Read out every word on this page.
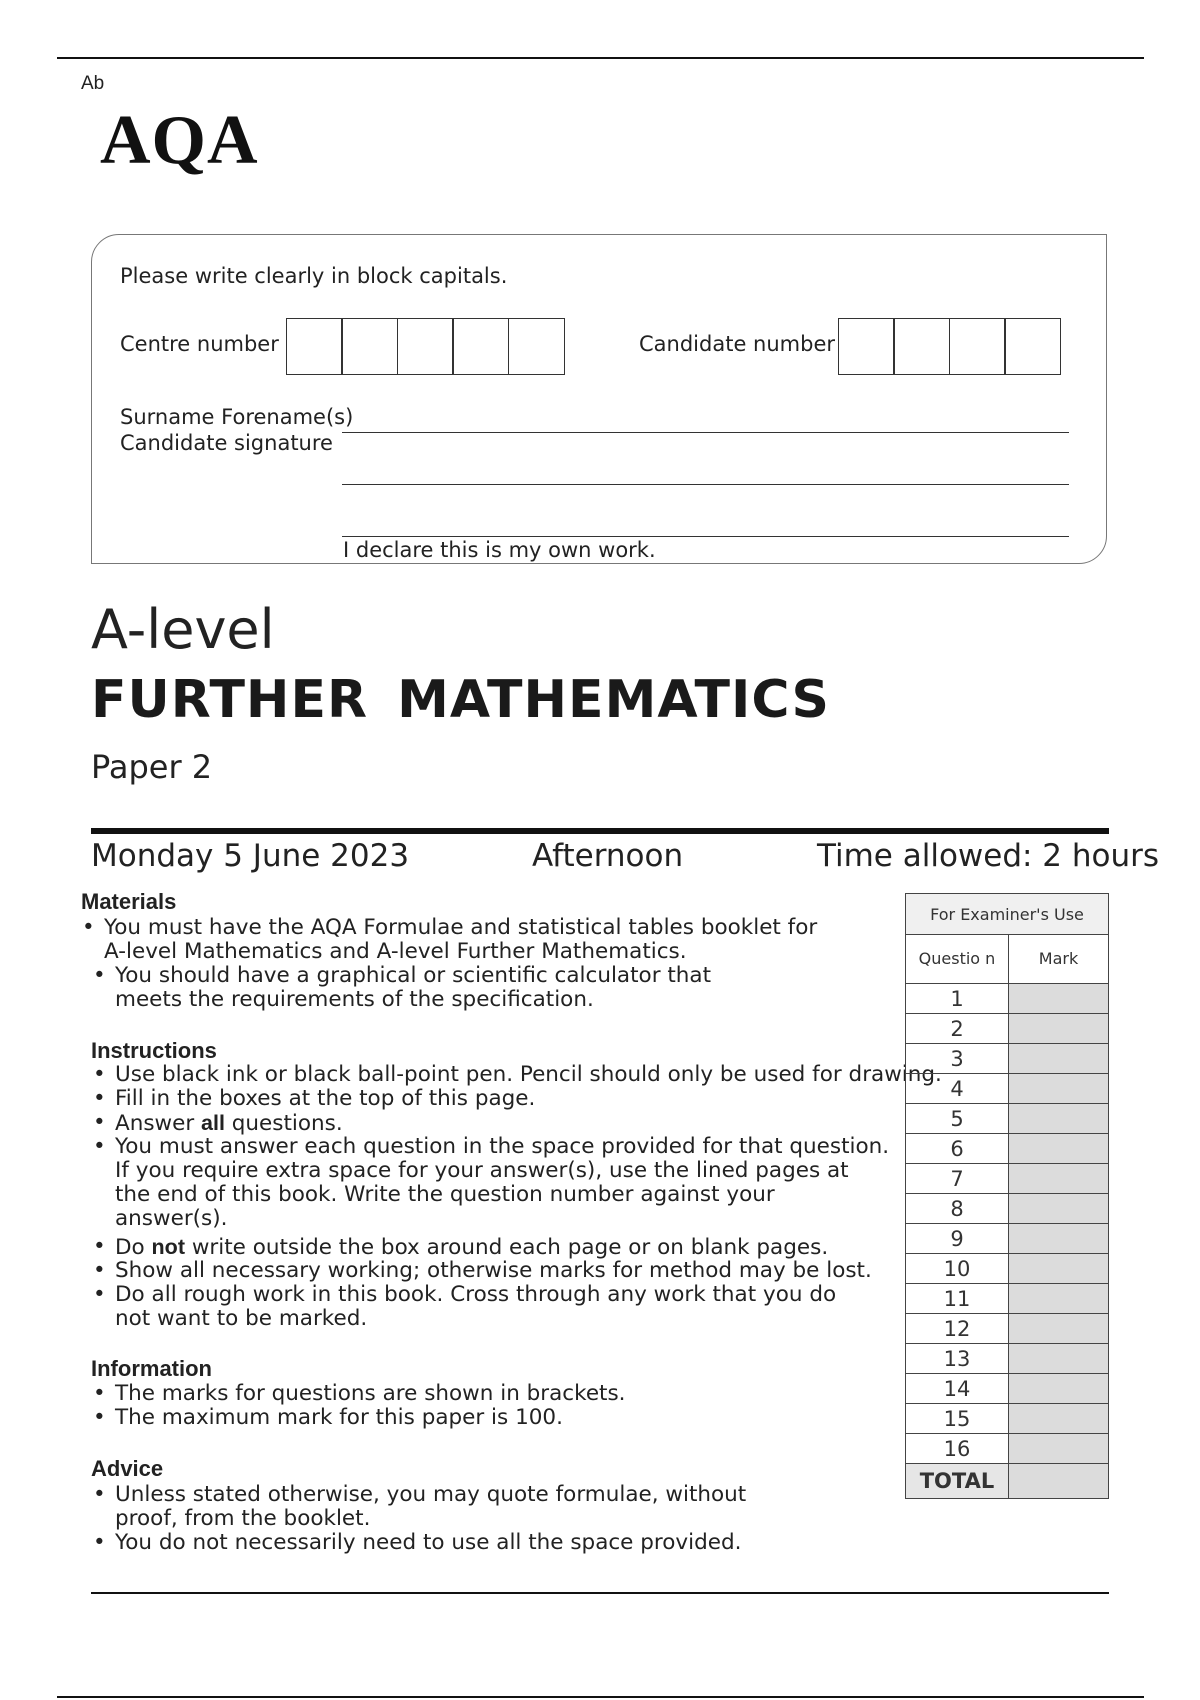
Ab
AQA
Please write clearly in block capitals.
Centre number	Candidate number
Surname Forename(s)
Candidate signature
I declare this is my own work.
A-level
FURTHER MATHEMATICS
Paper 2
Monday 5 June 2023	Afternoon	Time allowed: 2 hours
Materials
• You must have the AQA Formulae and statistical tables booklet for
A-level Mathematics and A-level Further Mathematics.
• You should have a graphical or scientific calculator that
meets the requirements of the specification.
Instructions
• Use black ink or black ball-point pen. Pencil should only be used for drawing.
• Fill in the boxes at the top of this page.
• Answer all questions.
• You must answer each question in the space provided for that question.
If you require extra space for your answer(s), use the lined pages at
the end of this book. Write the question number against your
answer(s).
• Do not write outside the box around each page or on blank pages.
• Show all necessary working; otherwise marks for method may be lost.
• Do all rough work in this book. Cross through any work that you do
not want to be marked.
Information
• The marks for questions are shown in brackets.
• The maximum mark for this paper is 100.
Advice
• Unless stated otherwise, you may quote formulae, without
proof, from the booklet.
• You do not necessarily need to use all the space provided.
For Examiner's Use	
Questio n	Mark
1	
2	
3	
4	
5	
6	
7	
8	
9	
10	
11	
12	
13	
14	
15	
16	
TOTAL	
